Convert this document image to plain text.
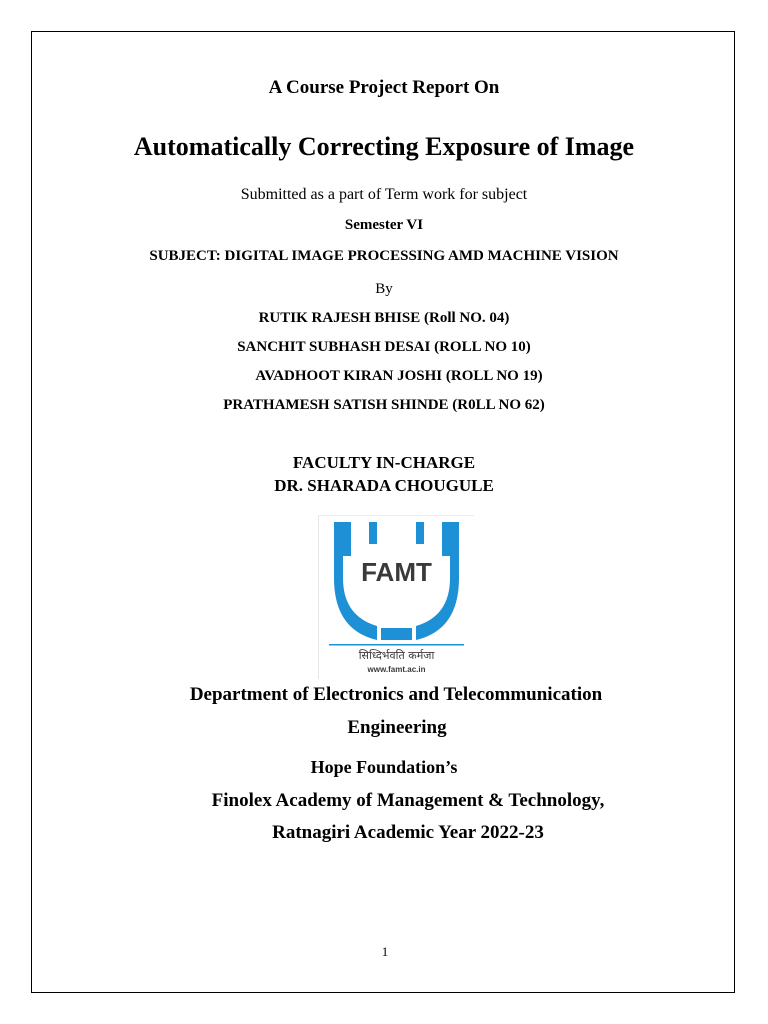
A Course Project Report On
Automatically Correcting Exposure of Image
Submitted as a part of Term work for subject
Semester VI
SUBJECT: DIGITAL IMAGE PROCESSING AMD MACHINE VISION
By
RUTIK RAJESH BHISE (Roll NO. 04)
SANCHIT SUBHASH DESAI (ROLL NO 10)
AVADHOOT KIRAN JOSHI (ROLL NO 19)
PRATHAMESH SATISH SHINDE (R0LL NO 62)
FACULTY IN-CHARGE
DR. SHARADA CHOUGULE
FAMT
सिध्दिर्भवति कर्मजा
www.famt.ac.in
Department of Electronics and Telecommunication
Engineering
Hope Foundation’s
Finolex Academy of Management & Technology,
Ratnagiri Academic Year 2022-23
1
